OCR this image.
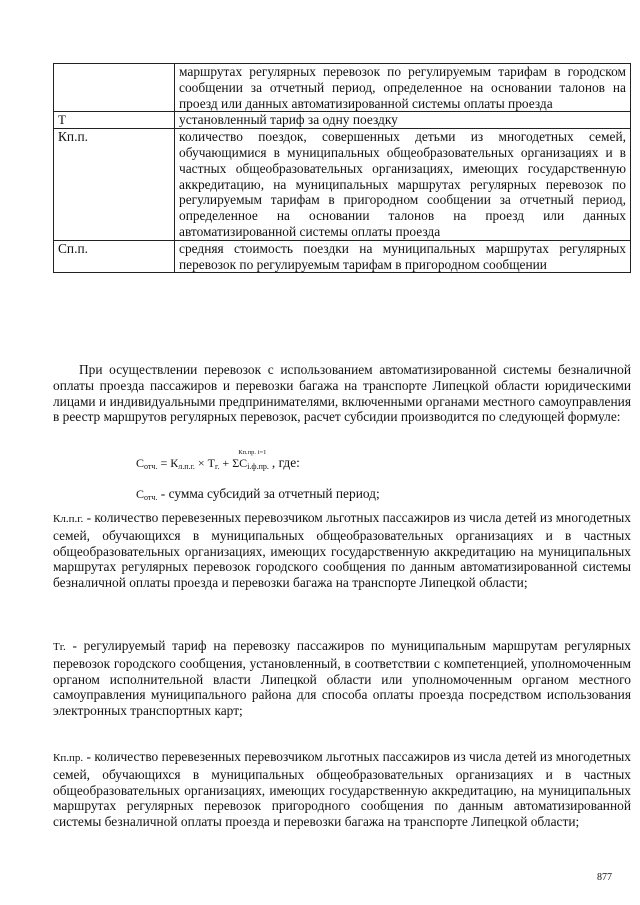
	маршрутах регулярных перевозок по регулируемым тарифам в городском сообщении за отчетный период, определенное на основании талонов на проезд или данных автоматизированной системы оплаты проезда
Т	установленный тариф за одну поездку
Кп.п.	количество поездок, совершенных детьми из многодетных семей, обучающимися в муниципальных общеобразовательных организациях и в частных общеобразовательных организациях, имеющих государственную аккредитацию, на муниципальных маршрутах регулярных перевозок по регулируемым тарифам в пригородном сообщении за отчетный период, определенное на основании талонов на проезд или данных автоматизированной системы оплаты проезда
Сп.п.	средняя стоимость поездки на муниципальных маршрутах регулярных перевозок по регулируемым тарифам в пригородном сообщении
При осуществлении перевозок с использованием автоматизированной системы безналичной оплаты проезда пассажиров и перевозки багажа на транспорте Липецкой области юридическими лицами и индивидуальными предпринимателями, включенными органами местного самоуправления в реестр маршрутов регулярных перевозок, расчет субсидии производится по следующей формуле:
$С_{отч.} = К_{л.п.г.} \times Т_{г.}$ +
Кп.пр. i=1
$\Sigma С_{i.ф.пр.}$ , где:
$С_{отч.}$ - сумма субсидий за отчетный период;
Кл.п.г. - количество перевезенных перевозчиком льготных пассажиров из числа детей из многодетных семей, обучающихся в муниципальных общеобразовательных организациях и в частных общеобразовательных организациях, имеющих государственную аккредитацию на муниципальных маршрутах регулярных перевозок городского сообщения по данным автоматизированной системы безналичной оплаты проезда и перевозки багажа на транспорте Липецкой области;
Тг. - регулируемый тариф на перевозку пассажиров по муниципальным маршрутам регулярных перевозок городского сообщения, установленный, в соответствии с компетенцией, уполномоченным органом исполнительной власти Липецкой области или уполномоченным органом местного самоуправления муниципального района для способа оплаты проезда посредством использования электронных транспортных карт;
Кп.пр. - количество перевезенных перевозчиком льготных пассажиров из числа детей из многодетных семей, обучающихся в муниципальных общеобразовательных организациях и в частных общеобразовательных организациях, имеющих государственную аккредитацию, на муниципальных маршрутах регулярных перевозок пригородного сообщения по данным автоматизированной системы безналичной оплаты проезда и перевозки багажа на транспорте Липецкой области;
877
